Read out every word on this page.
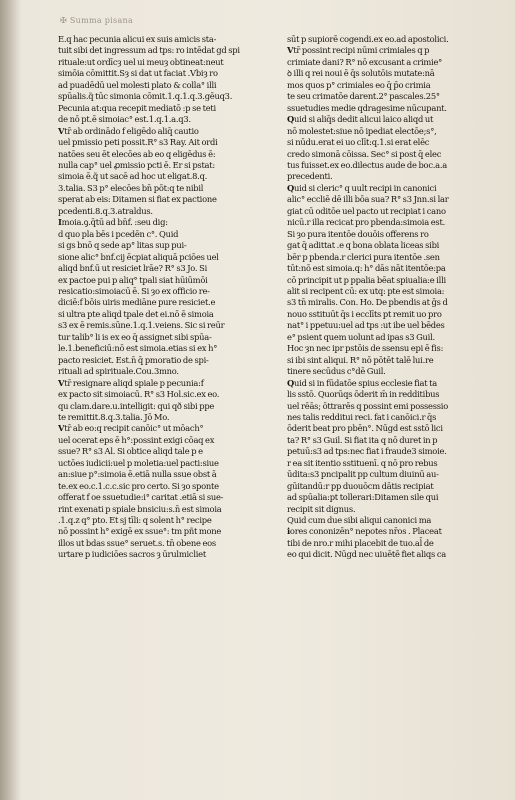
✠ Summa pisana

E.q hac pecunia alicui ex suis amicis sta-

tuit sibi det ingressum ad tps: ro intēdat gd spi

rituale:ut ordīcȝ uel ui meuȝ obtineat:neut

simōia cōmittit.Sȝ si dat ut faciat .Vbiȝ ro

ad puadēdū uel molesti plato & colla° illi

spūalis.q̃ tūc simonia cōmit.1.q.1.q.3.gēuq3.

Pecunia at:qua recepit mediatō :p se teti

de nō pt.ē simoiac° est.1.q.1.a.q3.

Vtr̄ ab ordinādo f eligēdo aliq̄ cautio

uel pmissio peti possit.R° s3 Ray. Ait ordi

natōes seu ēt elecōes ab eo q eligēdus ē:

nulla cap° uel ꝓmissio pcti ē. Er si pstat:

simoia ē.q̃ ut sacē ad hoc ut eligat.8.q.

3.talia. S3 p° elecōes bn̄ pōt:q te nibil

sperat ab eis: Ditamen si fiat ex pactione

pcedenti.8.q.3.atraldus.

Imoia.ꝯ.q̄tū ad bn̄f. :seu dig:

d quo pla bēs i pcedēn c°. Quid

si gs bnō q sede ap° litas sup pui-

sione alic° bnf.cij ēcpiat aliquā pciōes uel

aliqd bnf.ū ut resiciet lrāe? R° s3 Jo. Si

ex pactoe pui p aliq° tpali siat hūiūmōi

resicatio:simoiacū ē. Si ȝo ex officio re-

diciē:f bōis uiris mediāne pure resiciet.e

si ultra pte aliqd tpale det ei.nō ē simoia

s3 ex ē remis.sūne.1.q.1.veiens. Sic si reūr

tur talib° li is ex eo q̄ assignet sibi spūa-

le.1.beneficiū:nō est simoia.etias si ex h°

pacto resiciet. Est.n̄ q̄ pmoratio de spi-

rituali ad spirituale.Cou.3mno.

Vtr̄ resignare aliqd spiale p pecunia:f

ex pacto sit simoiacū. R° s3 Hol.sic.ex eo.

qu clam.dare.u.intelligit: qui qð sibi ppe

te remittit.8.q.3.talia. Jō Mo.

Vtr̄ ab eo:q recipit canōic° ut mōach°

uel ocerat eps ē h°:possint exigi cōaq ex

ssue? R° s3 Al. Si obtice aliqd tale p e

uctōes iudicii:uel p moletia:uel pacti:siue

an:siue p°:simoia ē.etiā nulla ssue obst ā

te.ex eo.c.1.c.c.sic pro certo. Si ȝo sponte

offerat f oe ssuetudie:i° caritat .etiā si sue-

rint exenati p spiale bnsiciu:s.n̄ est simoia

.1.q.z q° pto. Et sj tīli: q solent h° recipe

nō possint h° exigē ex ssue°: tm pñt mone

illos ut bdas ssue° seruet.s. tn̄ obene eos

urtare p iudiciōes sacros ȝ ūrulmicliet

sūt p supiorē cogendi.ex eo.ad apostolici.

Vtr̄ possint recipi nūmi crimiales q p

crimiate dani? R° nō excusant a crimie°

ꝺ illi q rei noui ē q̄s solutōis mutate:nā

mos quos p° crimiales eo q̄ p̄o crimia

te seu crimatōe darent.2° pascales.25°

ssuetudies medie qdragesime nūcupant.

Quid si aliq̄s dedit alicui laico aliqd ut

nō molestet:siue nō ipediat electōe;s°,

si nūdu.erat ei uo clīt:q.1.si erat elēc

credo simonā cōissa. Sec° si post q̄ elec

tus fuisset.ex eo.dilectus aude de boc.a.a

precedenti.

Quid si cleric° q uult recipi in canonici

alic° eccliē dē illi bōa sua? R° s3 Jnn.si lar

giat cū oditōe uel pacto ut recipiat i cano

nicū.r illa recicat pro pbenda:simoia est.

Si ȝo pura itentōe douōis offerens ro

gat q̄ adittat .e q bona oblata liceas sibi

bēr p pbenda.r clerici pura itentōe .sen

tūt:nō est simoia.q: h° dās nāt itentōe:pa

cō principit ut p ppalia bēat spiualia:e illi

alit si recipent cū: ex utq: pte est simoia:

s3 tn̄ miralis. Con. Ho. De pbendis at ḡs d

nouo sstituūt q̄s i ecclīts pt remit uo pro

nat° i ppetuu:uel ad tps :ut ibe uel bēdes

e° psient quem uolunt ad ipas s3 Guil.

Hoc ȝn nec ipr pstōis de ssensu epi ē fis:

si ibi sint aliqui. R° nō pōtēt talē lui.re

tinere secūdus c°dē Guil.

Quid si in fūdatōe spius ecclesie fiat ta

lis sstō. Quorūqs ōderit m̄ in redditibus

uel rēās; ōttrarēs q possint emi possessio

nes talis redditui reci. fat i canōici.r q̄s

ōderit beat pro pbēn°. Nūgd est sstō lici

ta? R° s3 Guil. Si fiat ita q nō duret in p

petuū:s3 ad tps:nec fiat i fraude3 simoie.

r ea sit itentio sstituenī. q nō pro rebus

ūdita:s3 pncipalit pp cultum diuinū au-

gūitandū:r pp duouōcm dātis recipiat

ad spūalia:pt tollerari:Ditamen sile qui

recipit sit dignus.

Quid cum due sibi aliqui canonici ma

iores cononizēn° nepotes nr̄os . Placeat

tibi de nro.r mihi placebit de tuo.al̄ de

eo qui dicit. Nūgd nec uiuētē fiet aliqs ca
